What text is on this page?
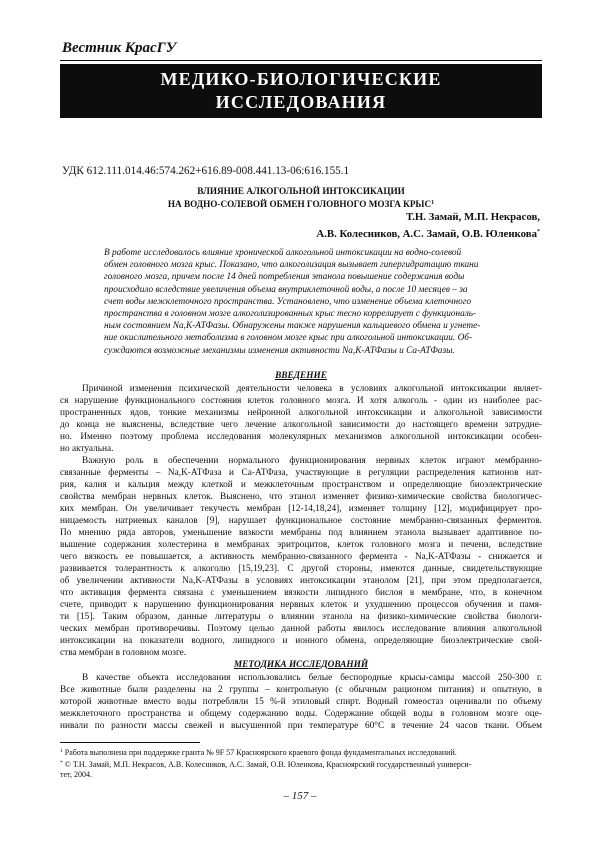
Вестник КрасГУ
МЕДИКО-БИОЛОГИЧЕСКИЕ
ИССЛЕДОВАНИЯ
УДК 612.111.014.46:574.262+616.89-008.441.13-06:616.155.1
ВЛИЯНИЕ АЛКОГОЛЬНОЙ ИНТОКСИКАЦИИ
НА ВОДНО-СОЛЕВОЙ ОБМЕН ГОЛОВНОГО МОЗГА КРЫС$^1$
Т.Н. Замай, М.П. Некрасов,
А.В. Колесников, А.С. Замай, О.В. Юленкова*
В работе исследовалось влияние хронической алкогольной интоксикации на водно-солевой
обмен головного мозга крыс. Показано, что алкоголизация вызывает гипергидратацию ткани
головного мозга, причем после 14 дней потребления этанола повышение содержания воды
происходило вследствие увеличения объема внутриклеточной воды, а после 10 месяцев – за
счет воды межклеточного пространства. Установлено, что изменение объема клеточного
пространства в головном мозге алкоголизированных крыс тесно коррелирует с функциональ-
ным состоянием Na,K-АТФазы. Обнаружены также нарушения кальциевого обмена и угнете-
ние окислительного метаболизма в головном мозге крыс при алкогольной интоксикации. Об-
суждаются возможные механизмы изменения активности Na,K-АТФазы и Ca-АТФазы.
ВВЕДЕНИЕ
Причиной изменения психической деятельности человека в условиях алкогольной интоксикации являет-
ся нарушение функционального состояния клеток головного мозга. И хотя алкоголь - один из наиболее рас-
пространенных ядов, тонкие механизмы нейронной алкогольной интоксикации и алкогольной зависимости
до конца не выяснены, вследствие чего лечение алкогольной зависимости до настоящего времени затрудне-
но. Именно поэтому проблема исследования молекулярных механизмов алкогольной интоксикации особен-
но актуальна.
Важную роль в обеспечении нормального функционирования нервных клеток играют мембранно-
связанные ферменты – Na,K-АТФаза и Ca-АТФаза, участвующие в регуляции распределения катионов нат-
рия, калия и кальция между клеткой и межклеточным пространством и определяющие биоэлектрические
свойства мембран нервных клеток. Выяснено, что этанол изменяет физико-химические свойства биологичес-
ких мембран. Он увеличивает текучесть мембран [12-14,18,24], изменяет толщину [12], модифицирует про-
ницаемость натриевых каналов [9], нарушает функциональное состояние мембранно-связанных ферментов.
По мнению ряда авторов, уменьшение вязкости мембраны под влиянием этанола вызывает адаптивное по-
вышение содержания холестерина в мембранах эритроцитов, клеток головного мозга и печени, вследствие
чего вязкость ее повышается, а активность мембранно-связанного фермента - Na,K-АТФазы - снижается и
развивается толерантность к алкоголю [15,19,23]. С другой стороны, имеются данные, свидетельствующие
об увеличении активности Na,K-АТФазы в условиях интоксикации этанолом [21], при этом предполагается,
что активация фермента связана с уменьшением вязкости липидного бислоя в мембране, что, в конечном
счете, приводит к нарушению функционирования нервных клеток и ухудшению процессов обучения и памя-
ти [15]. Таким образом, данные литературы о влиянии этанола на физико-химические свойства биологи-
ческих мембран противоречивы. Поэтому целью данной работы явилось исследование влияния алкогольной
интоксикации на показатели водного, липидного и ионного обмена, определяющие биоэлектрические свой-
ства мембран в головном мозге.
МЕТОДИКА ИССЛЕДОВАНИЙ
В качестве объекта исследования использовались белые беспородные крысы-самцы массой 250-300 г.
Все животные были разделены на 2 группы – контрольную (с обычным рационом питания) и опытную, в
которой животные вместо воды потребляли 15 %-й этиловый спирт. Водный гомеостаз оценивали по объему
межклеточного пространства и общему содержанию воды. Содержание общей воды в головном мозге оце-
нивали по разности массы свежей и высушенной при температуре 60°С в течение 24 часов ткани. Объем
$^1$ Работа выполнена при поддержке гранта № 9F 57 Красноярского краевого фонда фундаментальных исследований.
* © Т.Н. Замай, М.П. Некрасов, А.В. Колесников, А.С. Замай, О.В. Юленкова, Красноярский государственный универси-
тет, 2004.
– 157 –
